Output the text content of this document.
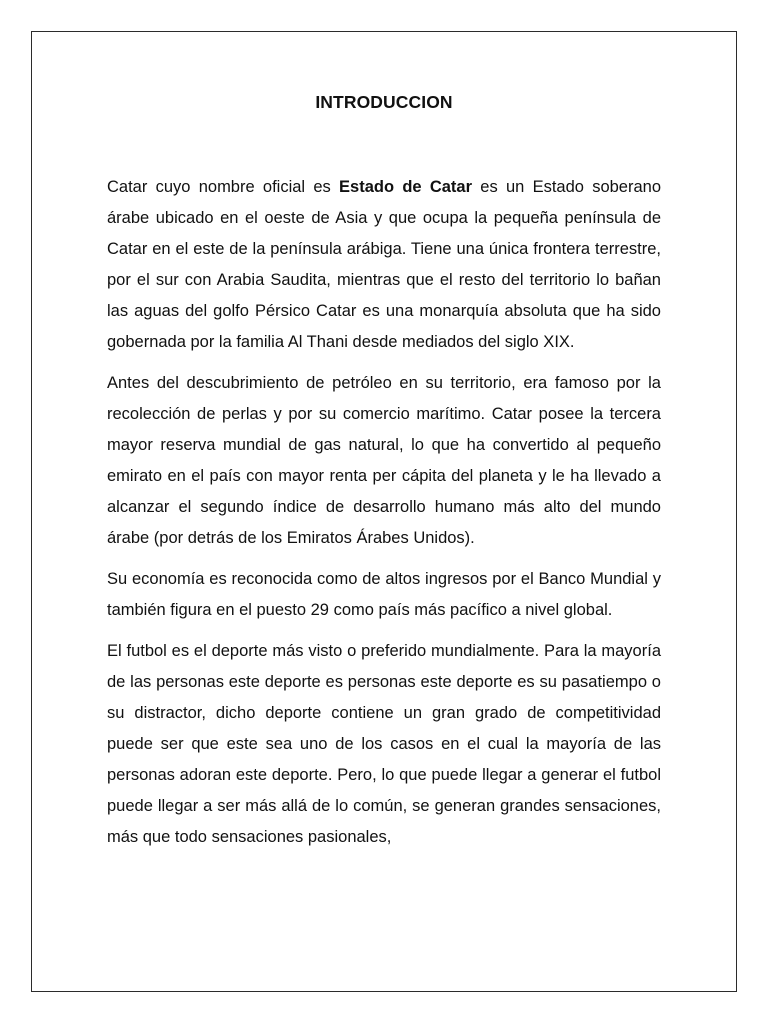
INTRODUCCION

Catar cuyo nombre oficial es Estado de Catar es un Estado soberano árabe ubicado en el oeste de Asia y que ocupa la pequeña península de Catar en el este de la península arábiga. Tiene una única frontera terrestre, por el sur con Arabia Saudita, mientras que el resto del territorio lo bañan las aguas del golfo Pérsico Catar es una monarquía absoluta que ha sido gobernada por la familia Al Thani desde mediados del siglo XIX.

Antes del descubrimiento de petróleo en su territorio, era famoso por la recolección de perlas y por su comercio marítimo. Catar posee la tercera mayor reserva mundial de gas natural, lo que ha convertido al pequeño emirato en el país con mayor renta per cápita del planeta y le ha llevado a alcanzar el segundo índice de desarrollo humano más alto del mundo árabe (por detrás de los Emiratos Árabes Unidos).

Su economía es reconocida como de altos ingresos por el Banco Mundial y también figura en el puesto 29 como país más pacífico a nivel global.

El futbol es el deporte más visto o preferido mundialmente. Para la mayoría de las personas este deporte es personas este deporte es su pasatiempo o su distractor, dicho deporte contiene un gran grado de competitividad puede ser que este sea uno de los casos en el cual la mayoría de las personas adoran este deporte. Pero, lo que puede llegar a generar el futbol puede llegar a ser más allá de lo común, se generan grandes sensaciones, más que todo sensaciones pasionales,
